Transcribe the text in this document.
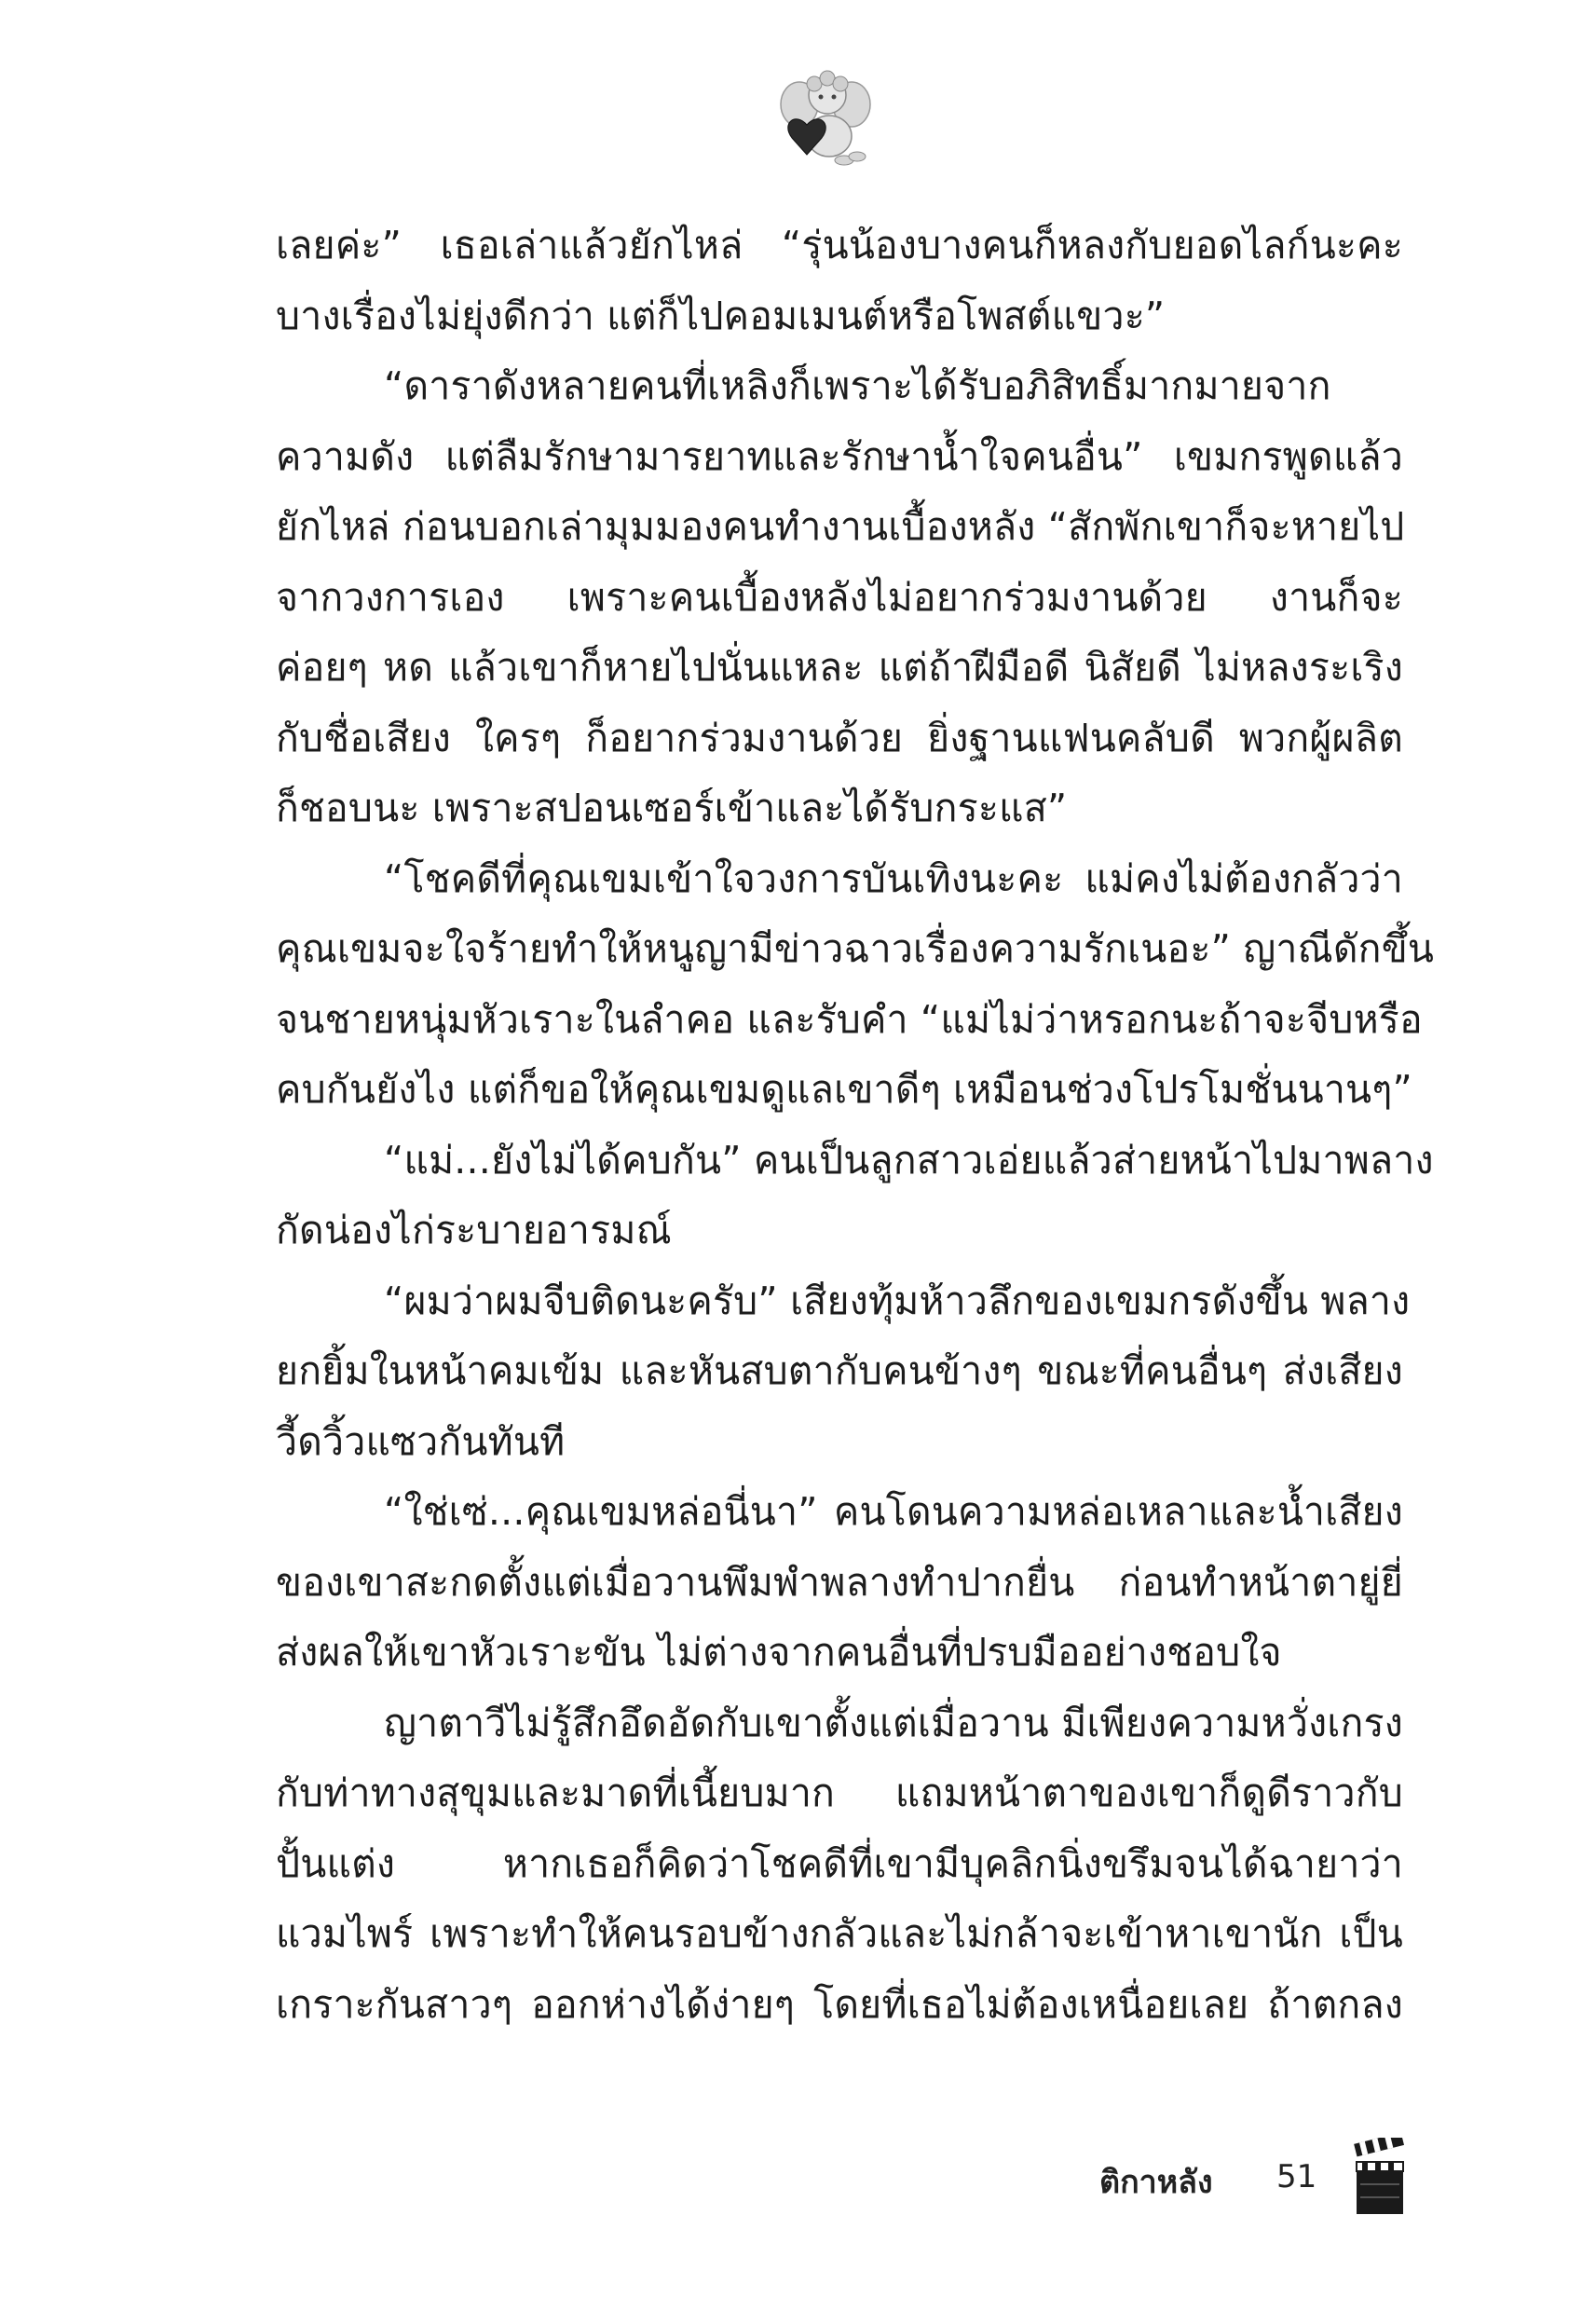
เลยค่ะ” เธอเล่าแล้วยักไหล่ “รุ่นน้องบางคนก็หลงกับยอดไลก์นะคะ
บางเรื่องไม่ยุ่งดีกว่า แต่ก็ไปคอมเมนต์หรือโพสต์แขวะ”
“ดาราดังหลายคนที่เหลิงก็เพราะได้รับอภิสิทธิ์มากมายจาก
ความดัง แต่ลืมรักษามารยาทและรักษาน้ำใจคนอื่น” เขมกรพูดแล้ว
ยักไหล่ ก่อนบอกเล่ามุมมองคนทำงานเบื้องหลัง “สักพักเขาก็จะหายไป
จากวงการเอง เพราะคนเบื้องหลังไม่อยากร่วมงานด้วย งานก็จะ
ค่อยๆ หด แล้วเขาก็หายไปนั่นแหละ แต่ถ้าฝีมือดี นิสัยดี ไม่หลงระเริง
กับชื่อเสียง ใครๆ ก็อยากร่วมงานด้วย ยิ่งฐานแฟนคลับดี พวกผู้ผลิต
ก็ชอบนะ เพราะสปอนเซอร์เข้าและได้รับกระแส”
“โชคดีที่คุณเขมเข้าใจวงการบันเทิงนะคะ แม่คงไม่ต้องกลัวว่า
คุณเขมจะใจร้ายทำให้หนูญามีข่าวฉาวเรื่องความรักเนอะ” ญาณีดักขึ้น
จนชายหนุ่มหัวเราะในลำคอ และรับคำ “แม่ไม่ว่าหรอกนะถ้าจะจีบหรือ
คบกันยังไง แต่ก็ขอให้คุณเขมดูแลเขาดีๆ เหมือนช่วงโปรโมชั่นนานๆ”
“แม่...ยังไม่ได้คบกัน” คนเป็นลูกสาวเอ่ยแล้วส่ายหน้าไปมาพลาง
กัดน่องไก่ระบายอารมณ์
“ผมว่าผมจีบติดนะครับ” เสียงทุ้มห้าวลึกของเขมกรดังขึ้น พลาง
ยกยิ้มในหน้าคมเข้ม และหันสบตากับคนข้างๆ ขณะที่คนอื่นๆ ส่งเสียง
วี้ดวิ้วแซวกันทันที
“ใช่เซ่...คุณเขมหล่อนี่นา” คนโดนความหล่อเหลาและน้ำเสียง
ของเขาสะกดตั้งแต่เมื่อวานพึมพำพลางทำปากยื่น ก่อนทำหน้าตายู่ยี่
ส่งผลให้เขาหัวเราะขัน ไม่ต่างจากคนอื่นที่ปรบมืออย่างชอบใจ
ญาตาวีไม่รู้สึกอึดอัดกับเขาตั้งแต่เมื่อวาน มีเพียงความหวั่งเกรง
กับท่าทางสุขุมและมาดที่เนี้ยบมาก แถมหน้าตาของเขาก็ดูดีราวกับ
ปั้นแต่ง หากเธอก็คิดว่าโชคดีที่เขามีบุคลิกนิ่งขรึมจนได้ฉายาว่า
แวมไพร์ เพราะทำให้คนรอบข้างกลัวและไม่กล้าจะเข้าหาเขานัก เป็น
เกราะกันสาวๆ ออกห่างได้ง่ายๆ โดยที่เธอไม่ต้องเหนื่อยเลย ถ้าตกลง
ติกาหลัง 51
